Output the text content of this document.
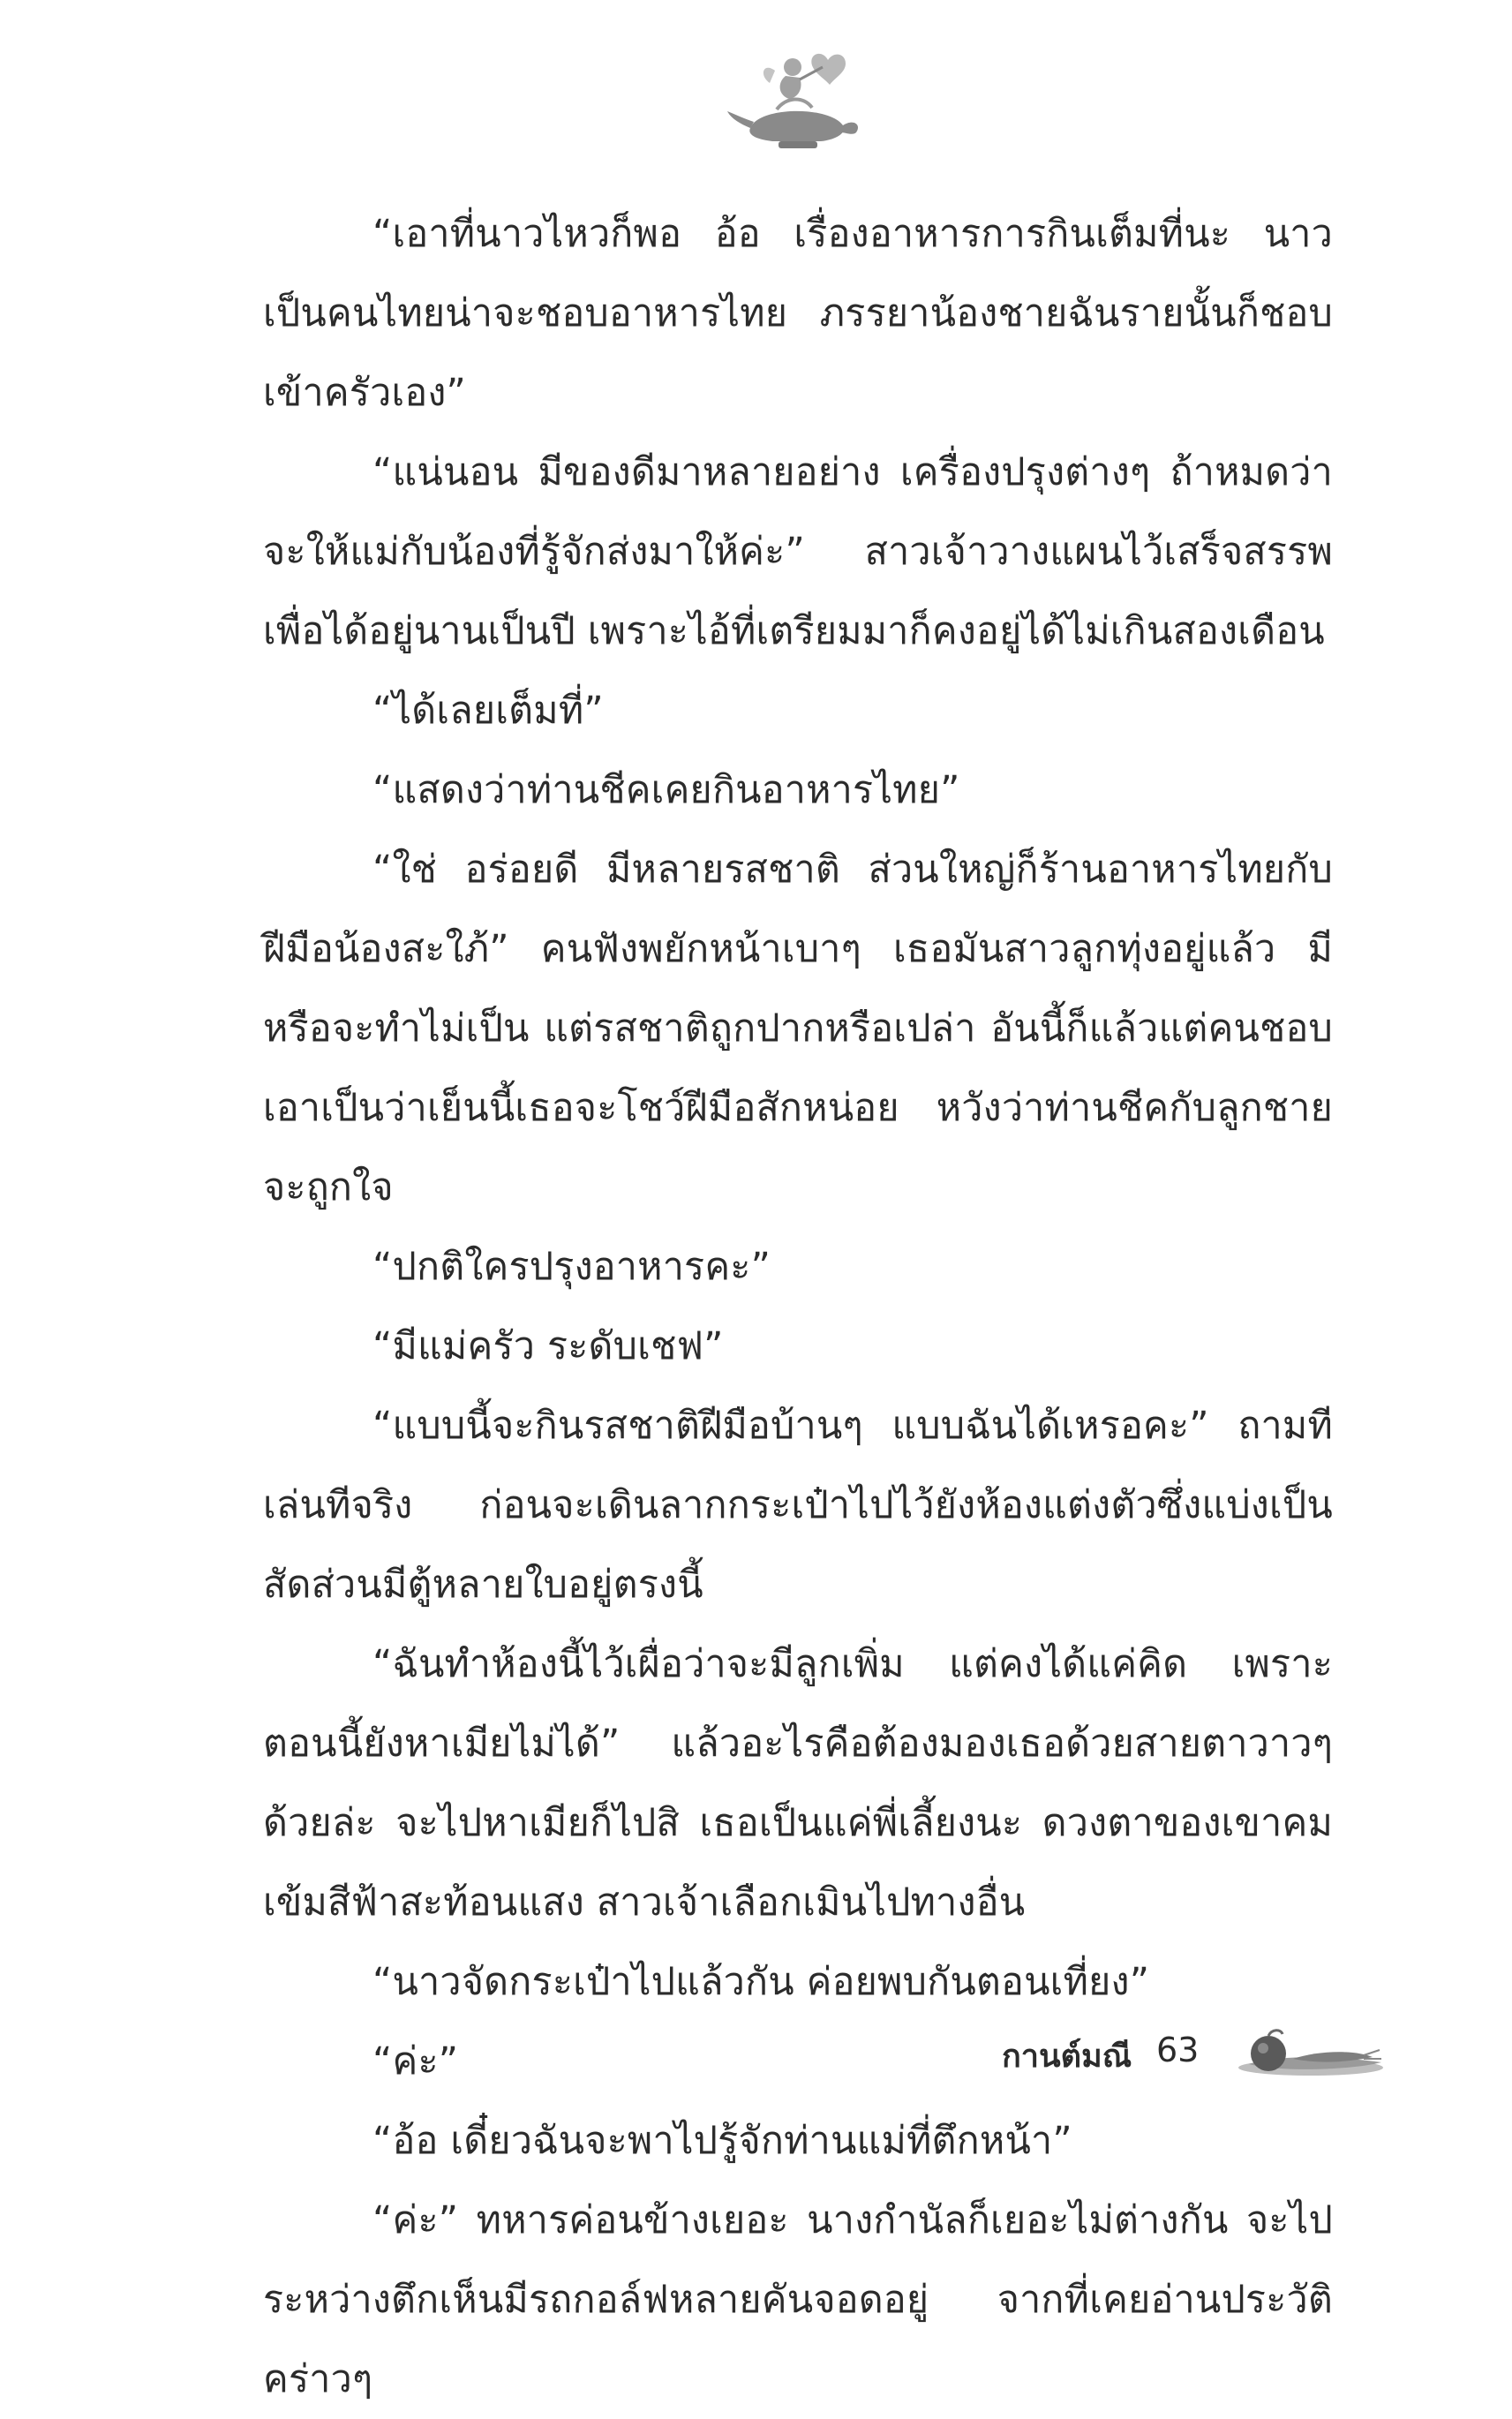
“เอาที่นาวไหวก็พอ อ้อ เรื่องอาหารการกินเต็มที่นะ นาวเป็นคนไทยน่าจะชอบอาหารไทย ภรรยาน้องชายฉันรายนั้นก็ชอบเข้าครัวเอง”

“แน่นอน มีของดีมาหลายอย่าง เครื่องปรุงต่างๆ ถ้าหมดว่าจะให้แม่กับน้องที่รู้จักส่งมาให้ค่ะ” สาวเจ้าวางแผนไว้เสร็จสรรพ เพื่อได้อยู่นานเป็นปี เพราะไอ้ที่เตรียมมาก็คงอยู่ได้ไม่เกินสองเดือน

“ได้เลยเต็มที่”

“แสดงว่าท่านชีคเคยกินอาหารไทย”

“ใช่ อร่อยดี มีหลายรสชาติ ส่วนใหญ่ก็ร้านอาหารไทยกับฝีมือน้องสะใภ้” คนฟังพยักหน้าเบาๆ เธอมันสาวลูกทุ่งอยู่แล้ว มีหรือจะทำไม่เป็น แต่รสชาติถูกปากหรือเปล่า อันนี้ก็แล้วแต่คนชอบ เอาเป็นว่าเย็นนี้เธอจะโชว์ฝีมือสักหน่อย หวังว่าท่านชีคกับลูกชายจะถูกใจ

“ปกติใครปรุงอาหารคะ”

“มีแม่ครัว ระดับเชฟ”

“แบบนี้จะกินรสชาติฝีมือบ้านๆ แบบฉันได้เหรอคะ” ถามทีเล่นทีจริง ก่อนจะเดินลากกระเป๋าไปไว้ยังห้องแต่งตัวซึ่งแบ่งเป็นสัดส่วนมีตู้หลายใบอยู่ตรงนี้

“ฉันทำห้องนี้ไว้เผื่อว่าจะมีลูกเพิ่ม แต่คงได้แค่คิด เพราะตอนนี้ยังหาเมียไม่ได้” แล้วอะไรคือต้องมองเธอด้วยสายตาวาวๆ ด้วยล่ะ จะไปหาเมียก็ไปสิ เธอเป็นแค่พี่เลี้ยงนะ ดวงตาของเขาคมเข้มสีฟ้าสะท้อนแสง สาวเจ้าเลือกเมินไปทางอื่น

“นาวจัดกระเป๋าไปแล้วกัน ค่อยพบกันตอนเที่ยง”

“ค่ะ”

“อ้อ เดี๋ยวฉันจะพาไปรู้จักท่านแม่ที่ตึกหน้า”

“ค่ะ” ทหารค่อนข้างเยอะ นางกำนัลก็เยอะไม่ต่างกัน จะไประหว่างตึกเห็นมีรถกอล์ฟหลายคันจอดอยู่ จากที่เคยอ่านประวัติคร่าวๆ

กานต์มณี 63
